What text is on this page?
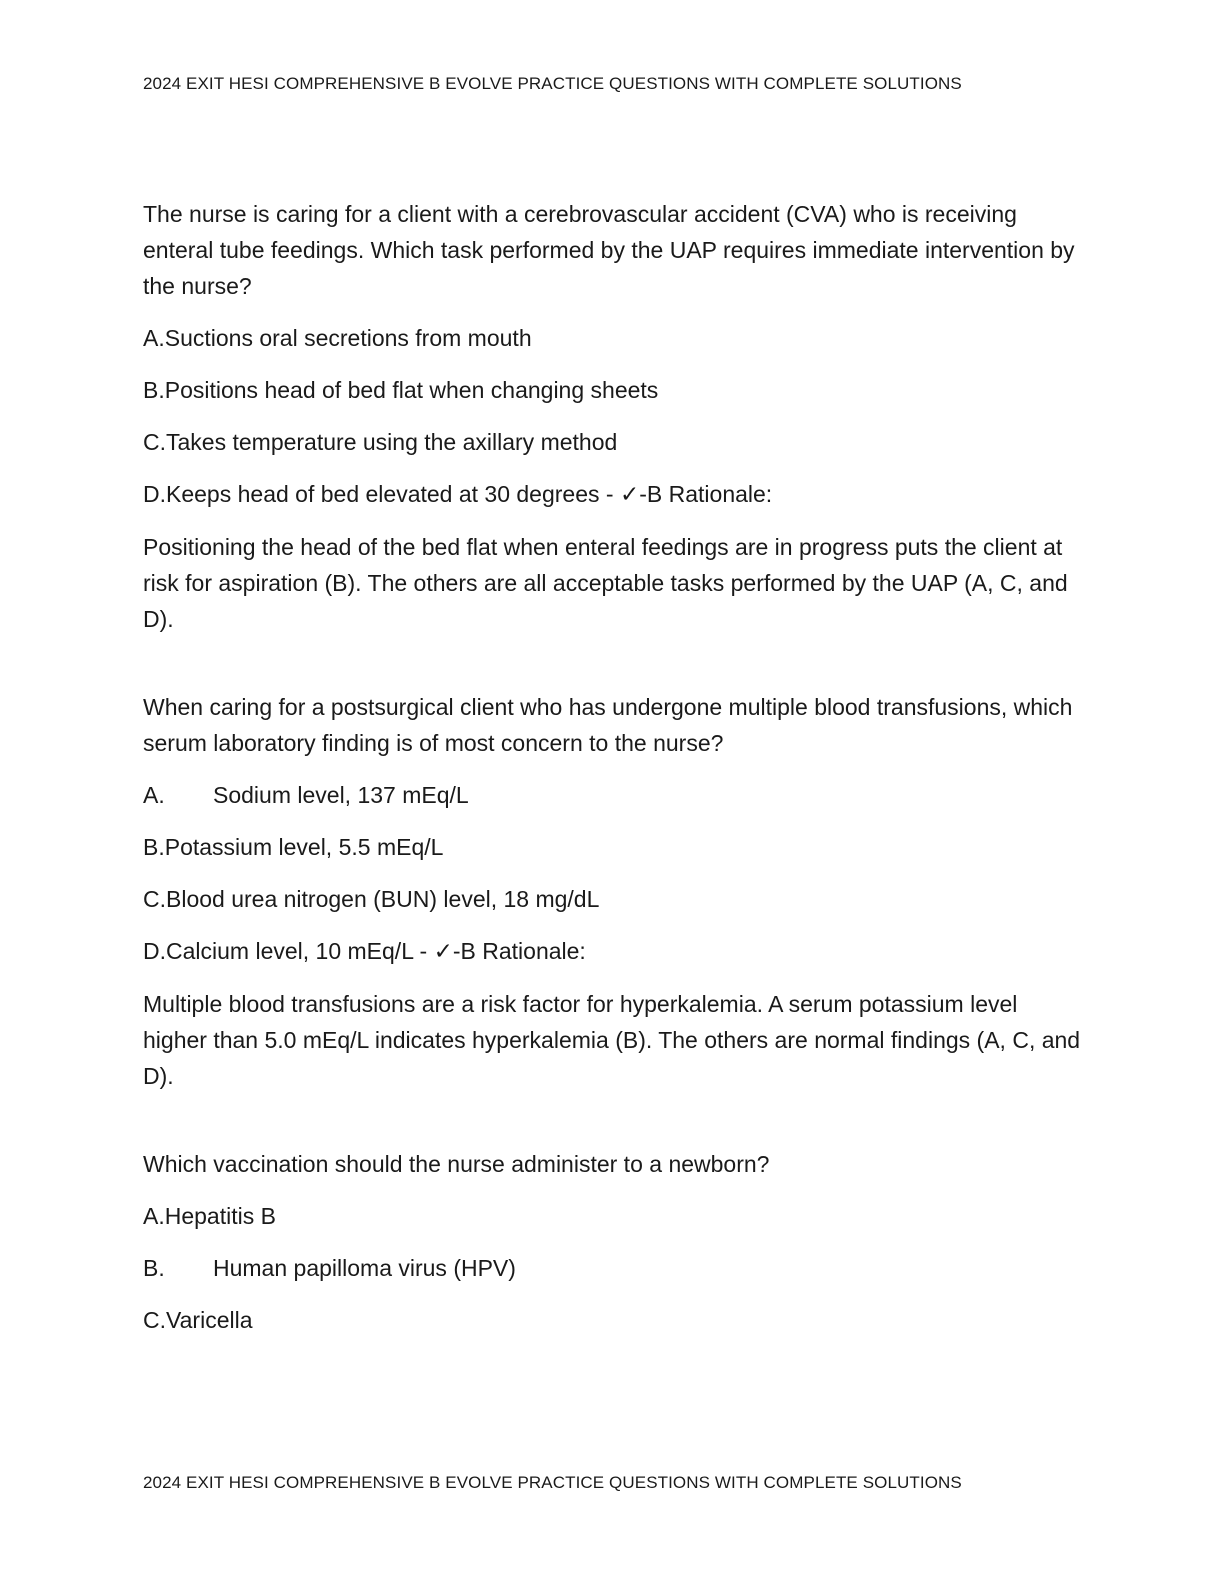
2024 EXIT HESI COMPREHENSIVE B EVOLVE PRACTICE QUESTIONS WITH COMPLETE SOLUTIONS

The nurse is caring for a client with a cerebrovascular accident (CVA) who is receiving enteral tube feedings. Which task performed by the UAP requires immediate intervention by the nurse?

A.Suctions oral secretions from mouth

B.Positions head of bed flat when changing sheets

C.Takes temperature using the axillary method

D.Keeps head of bed elevated at 30 degrees - ✓-B Rationale:

Positioning the head of the bed flat when enteral feedings are in progress puts the client at risk for aspiration (B). The others are all acceptable tasks performed by the UAP (A, C, and D).

When caring for a postsurgical client who has undergone multiple blood transfusions, which serum laboratory finding is of most concern to the nurse?

A. Sodium level, 137 mEq/L

B.Potassium level, 5.5 mEq/L

C.Blood urea nitrogen (BUN) level, 18 mg/dL

D.Calcium level, 10 mEq/L - ✓-B Rationale:

Multiple blood transfusions are a risk factor for hyperkalemia. A serum potassium level higher than 5.0 mEq/L indicates hyperkalemia (B). The others are normal findings (A, C, and D).

Which vaccination should the nurse administer to a newborn?

A.Hepatitis B

B. Human papilloma virus (HPV)

C.Varicella

2024 EXIT HESI COMPREHENSIVE B EVOLVE PRACTICE QUESTIONS WITH COMPLETE SOLUTIONS
